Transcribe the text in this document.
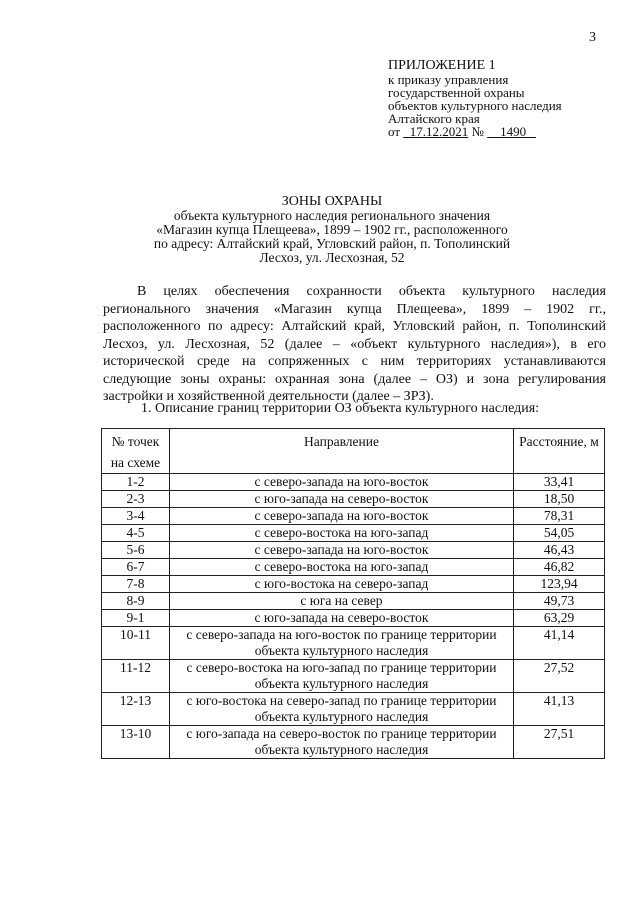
3
ПРИЛОЖЕНИЕ 1
к приказу управления
государственной охраны
объектов культурного наследия
Алтайского края
от 17.12.2021 № 1490
ЗОНЫ ОХРАНЫ
объекта культурного наследия регионального значения
«Магазин купца Плещеева», 1899 – 1902 гг., расположенного
по адресу: Алтайский край, Угловский район, п. Тополинский
Лесхоз, ул. Лесхозная, 52
В целях обеспечения сохранности объекта культурного наследия регионального значения «Магазин купца Плещеева», 1899 – 1902 гг., расположенного по адресу: Алтайский край, Угловский район, п. Тополинский Лесхоз, ул. Лесхозная, 52 (далее – «объект культурного наследия»), в его исторической среде на сопряженных с ним территориях устанавливаются следующие зоны охраны: охранная зона (далее – ОЗ) и зона регулирования застройки и хозяйственной деятельности (далее – ЗРЗ).
1. Описание границ территории ОЗ объекта культурного наследия:
№ точек на схеме	Направление	Расстояние, м
1-2	с северо-запада на юго-восток	33,41
2-3	с юго-запада на северо-восток	18,50
3-4	с северо-запада на юго-восток	78,31
4-5	с северо-востока на юго-запад	54,05
5-6	с северо-запада на юго-восток	46,43
6-7	с северо-востока на юго-запад	46,82
7-8	с юго-востока на северо-запад	123,94
8-9	с юга на север	49,73
9-1	с юго-запада на северо-восток	63,29
10-11	с северо-запада на юго-восток по границе территории объекта культурного наследия	41,14
11-12	с северо-востока на юго-запад по границе территории объекта культурного наследия	27,52
12-13	с юго-востока на северо-запад по границе территории объекта культурного наследия	41,13
13-10	с юго-запада на северо-восток по границе территории объекта культурного наследия	27,51
